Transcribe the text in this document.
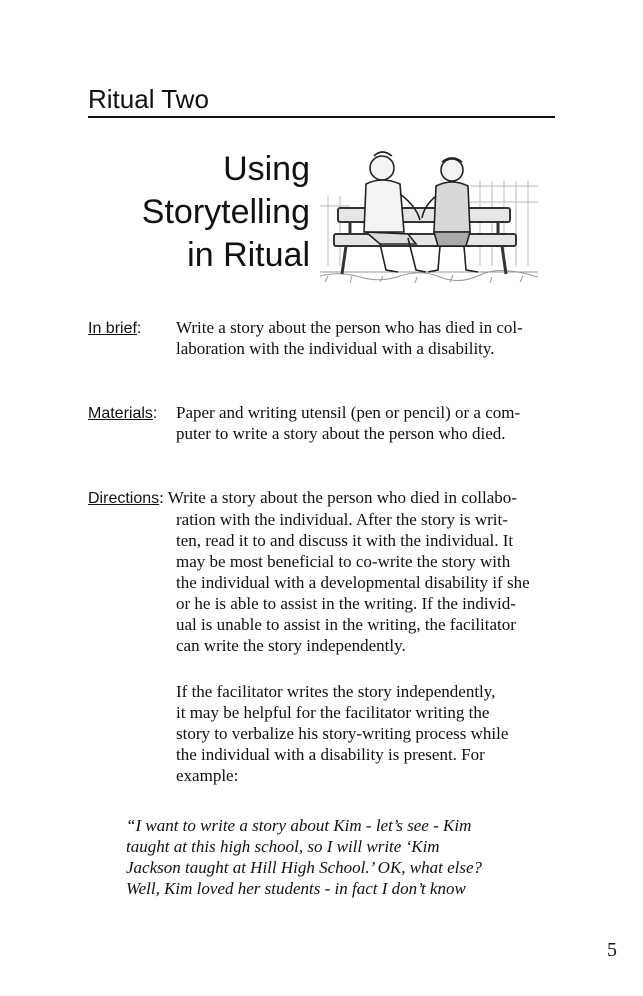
Ritual Two
Using
Storytelling
in Ritual
In brief: Write a story about the person who has died in col-
laboration with the individual with a disability.
Materials: Paper and writing utensil (pen or pencil) or a com-
puter to write a story about the person who died.
Directions: Write a story about the person who died in collabo-
ration with the individual. After the story is writ-
ten, read it to and discuss it with the individual. It
may be most beneficial to co-write the story with
the individual with a developmental disability if she
or he is able to assist in the writing. If the individ-
ual is unable to assist in the writing, the facilitator
can write the story independently.
If the facilitator writes the story independently,
it may be helpful for the facilitator writing the
story to verbalize his story-writing process while
the individual with a disability is present. For
example:
“I want to write a story about Kim - let’s see - Kim
taught at this high school, so I will write ‘Kim
Jackson taught at Hill High School.’ OK, what else?
Well, Kim loved her students - in fact I don’t know
5
